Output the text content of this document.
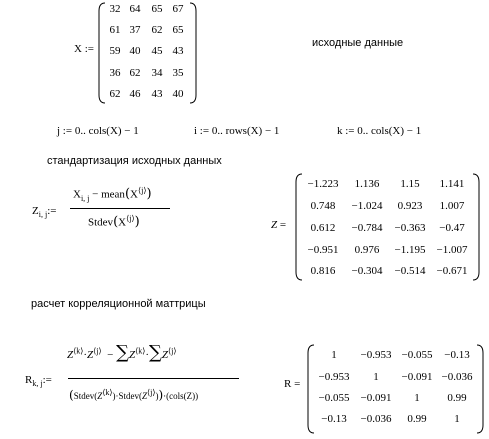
X :=
32 64	65 67
61 37	62 65
59 40	45 43
36 62	34 35
62 46	43 40
исходные данные
j := 0.. cols(X) − 1	i := 0.. rows(X) − 1	k := 0.. cols(X) − 1
стандартизация исходных данных
$Z_{i, j}:=$
$X_{i, j}$ − $mean(X^{⟨j⟩})$
$Stdev(X^{⟨j⟩})$	Z =
−1.223	1.136	1.15	1.141
0.748	−1.024	0.923	1.007
0.612	−0.784	−0.363	−0.47
−0.951	0.976	−1.195	−1.007
0.816	−0.304	−0.514	−0.671
расчет корреляционной маттрицы
$R_{k, j}:=$
$Z^{⟨k⟩}\cdot Z^{⟨j⟩} - \sum Z^{⟨k⟩}\cdot\sum Z^{⟨j⟩}$
$(Stdev(Z^{⟨k⟩})\cdot Stdev(Z^{⟨j⟩}))\cdot(cols(Z))$
R =
1	−0.953 −0.055	−0.13
−0.953	1	−0.091 −0.036
−0.055	−0.091	1	0.99
−0.13	−0.036	0.99	1
